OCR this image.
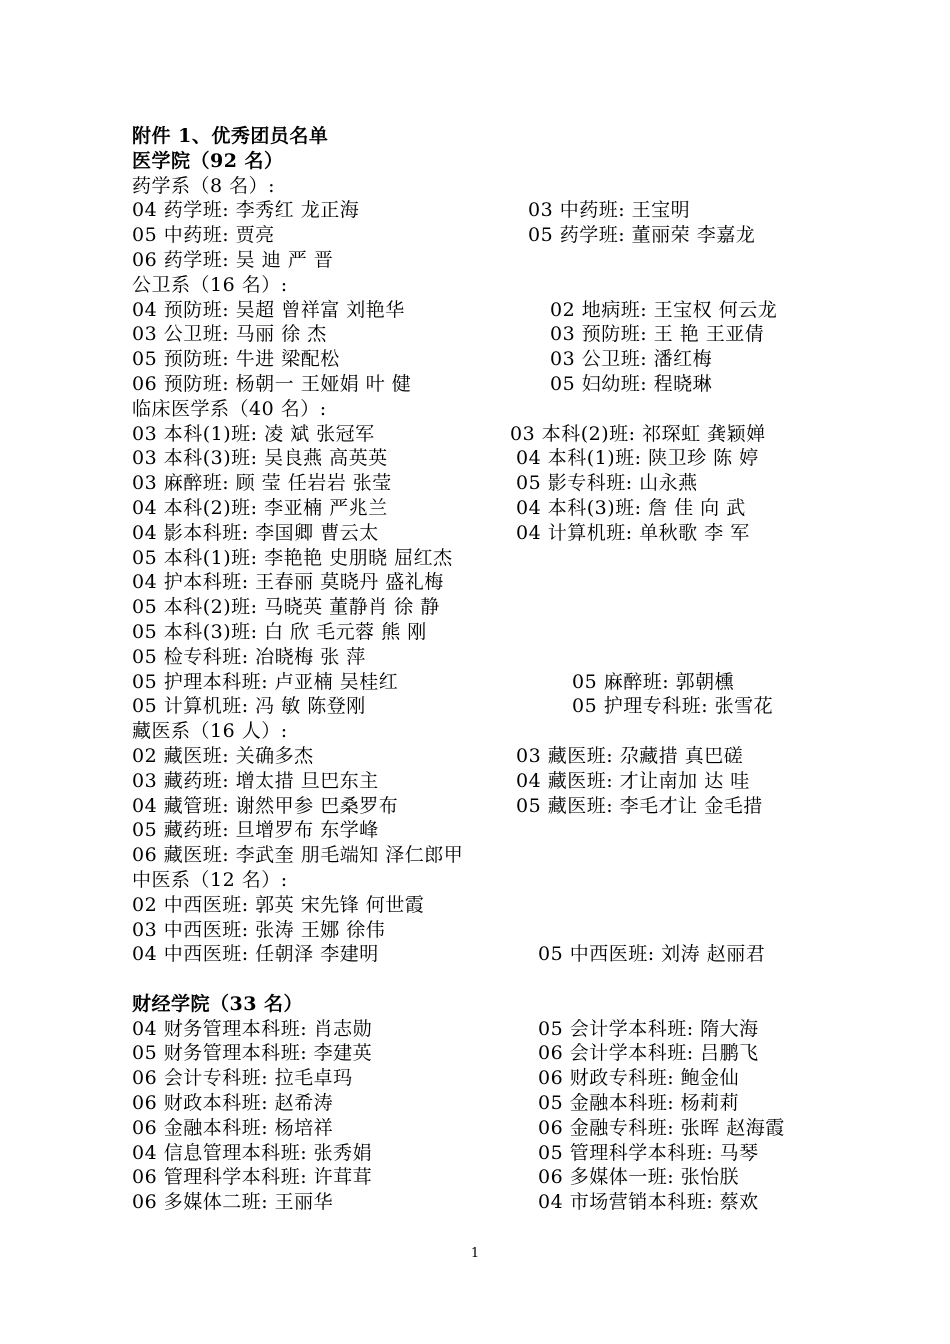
附件 1、优秀团员名单
医学院（92 名）
药学系（8 名）:
04 药学班: 李秀红 龙正海	03 中药班: 王宝明
05 中药班: 贾亮	05 药学班: 董丽荣 李嘉龙
06 药学班: 吴 迪 严 晋
公卫系（16 名）:
04 预防班: 吴超 曾祥富 刘艳华	02 地病班: 王宝权 何云龙
03 公卫班: 马丽 徐 杰	03 预防班: 王 艳 王亚倩
05 预防班: 牛进 梁配松	03 公卫班: 潘红梅
06 预防班: 杨朝一 王娅娟 叶 健	05 妇幼班: 程晓琳
临床医学系（40 名）:
03 本科(1)班: 凌 斌 张冠军	03 本科(2)班: 祁琛虹 龚颖婵
03 本科(3)班: 吴良燕 高英英	04 本科(1)班: 陕卫珍 陈 婷
03 麻醉班: 顾 莹 任岩岩 张莹	05 影专科班: 山永燕
04 本科(2)班: 李亚楠 严兆兰	04 本科(3)班: 詹 佳 向 武
04 影本科班: 李国卿 曹云太	04 计算机班: 单秋歌 李 军
05 本科(1)班: 李艳艳 史朋晓 屈红杰
04 护本科班: 王春丽 莫晓丹 盛礼梅
05 本科(2)班: 马晓英 董静肖 徐 静
05 本科(3)班: 白 欣 毛元蓉 熊 刚
05 检专科班: 冶晓梅 张 萍
05 护理本科班: 卢亚楠 吴桂红	05 麻醉班: 郭朝櫄
05 计算机班: 冯 敏 陈登刚	05 护理专科班: 张雪花
藏医系（16 人）:
02 藏医班: 关确多杰	03 藏医班: 尕藏措 真巴磋
03 藏药班: 增太措 旦巴东主	04 藏医班: 才让南加 达 哇
04 藏管班: 谢然甲参 巴桑罗布	05 藏医班: 李毛才让 金毛措
05 藏药班: 旦增罗布 东学峰
06 藏医班: 李武奎 朋毛端知 泽仁郎甲
中医系（12 名）:
02 中西医班: 郭英 宋先锋 何世霞
03 中西医班: 张涛 王娜 徐伟
04 中西医班: 任朝泽 李建明	05 中西医班: 刘涛 赵丽君
财经学院（33 名）
04 财务管理本科班: 肖志勋	05 会计学本科班: 隋大海
05 财务管理本科班: 李建英	06 会计学本科班: 吕鹏飞
06 会计专科班: 拉毛卓玛	06 财政专科班: 鲍金仙
06 财政本科班: 赵希涛	05 金融本科班: 杨莉莉
06 金融本科班: 杨培祥	06 金融专科班: 张晖 赵海霞
04 信息管理本科班: 张秀娟	05 管理科学本科班: 马琴
06 管理科学本科班: 许茸茸	06 多媒体一班: 张怡朕
06 多媒体二班: 王丽华	04 市场营销本科班: 蔡欢
1
